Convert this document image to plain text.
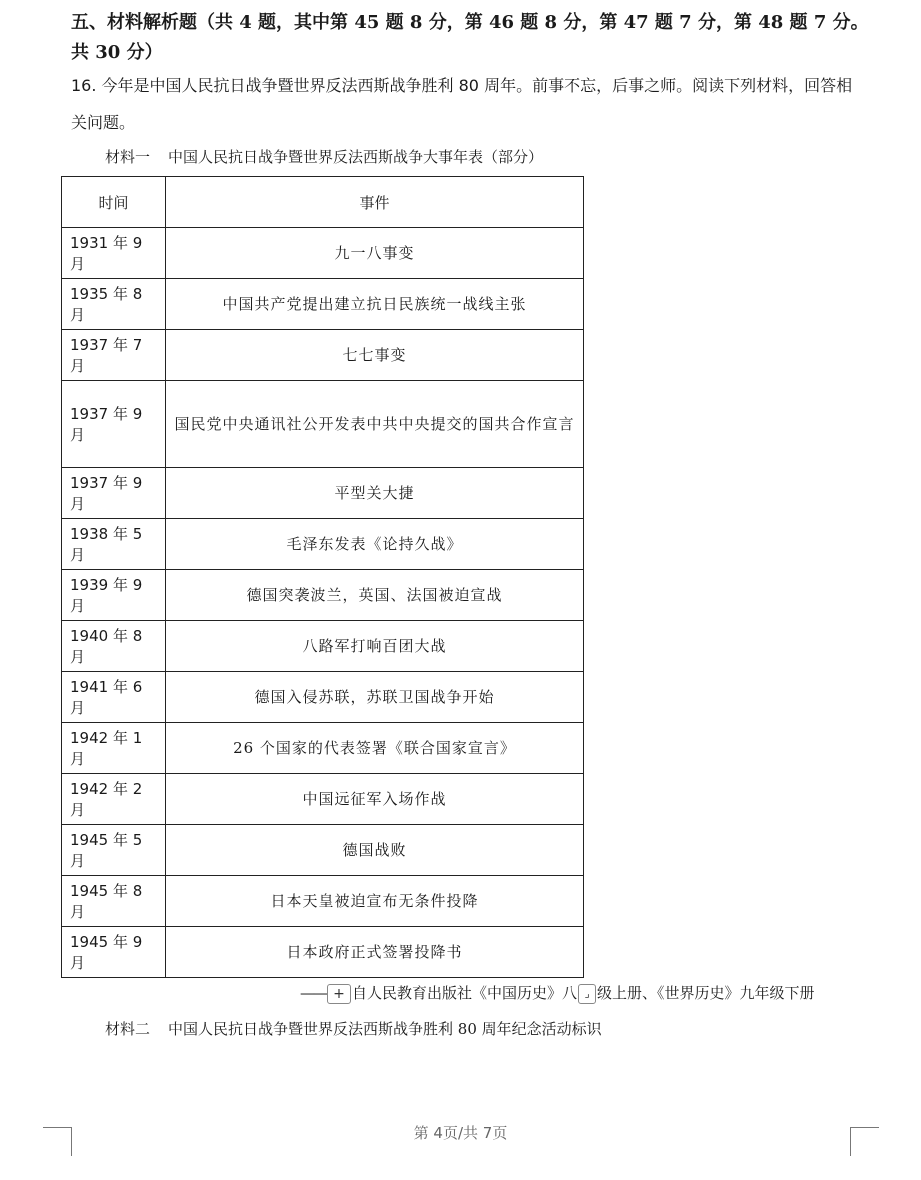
五、材料解析题（共 4 题，其中第 45 题 8 分，第 46 题 8 分，第 47 题 7 分，第 48 题 7 分。共 30 分）

16. 今年是中国人民抗日战争暨世界反法西斯战争胜利 80 周年。前事不忘，后事之师。阅读下列材料，回答相关问题。

材料一 中国人民抗日战争暨世界反法西斯战争大事年表（部分）
时间	事件
1931 年 9 月	九一八事变
1935 年 8 月	中国共产党提出建立抗日民族统一战线主张
1937 年 7 月	七七事变
1937 年 9 月	国民党中央通讯社公开发表中共中央提交的国共合作宣言
1937 年 9 月	平型关大捷
1938 年 5 月	毛泽东发表《论持久战》
1939 年 9 月	德国突袭波兰，英国、法国被迫宣战
1940 年 8 月	八路军打响百团大战
1941 年 6 月	德国入侵苏联，苏联卫国战争开始
1942 年 1 月	26 个国家的代表签署《联合国家宣言》
1942 年 2 月	中国远征军入场作战
1945 年 5 月	德国战败
1945 年 8 月	日本天皇被迫宣布无条件投降
1945 年 9 月	日本政府正式签署投降书
—— + 自人民教育出版社《中国历史》八 ⌟ 级上册、《世界历史》九年级下册
材料二 中国人民抗日战争暨世界反法西斯战争胜利 80 周年纪念活动标识
第 4页/共 7页
